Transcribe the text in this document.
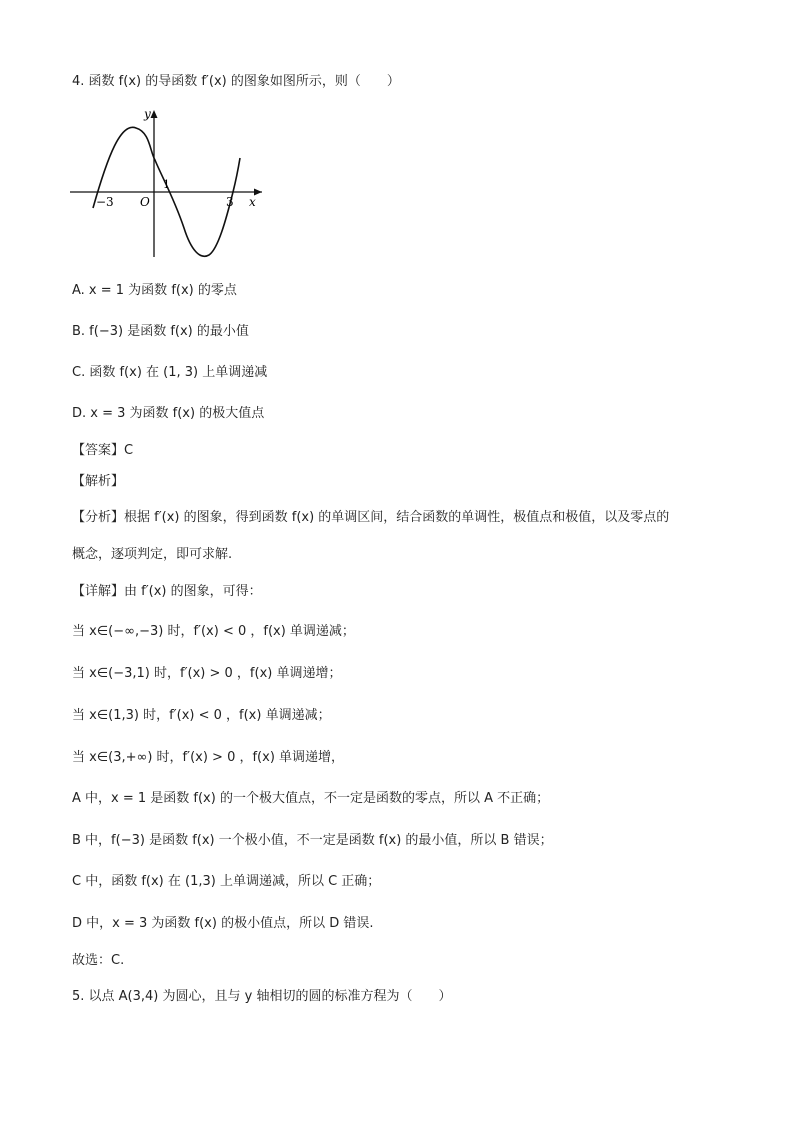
4. 函数 f(x) 的导函数 f′(x) 的图象如图所示，则（　　）
y
x
O
−3
1
3
A. x = 1 为函数 f(x) 的零点
B. f(−3) 是函数 f(x) 的最小值
C. 函数 f(x) 在 (1, 3) 上单调递减
D. x = 3 为函数 f(x) 的极大值点
【答案】C
【解析】
【分析】根据 f′(x) 的图象，得到函数 f(x) 的单调区间，结合函数的单调性，极值点和极值，以及零点的
概念，逐项判定，即可求解.
【详解】由 f′(x) 的图象，可得：
当 x∈(−∞,−3) 时，f′(x) < 0 ，f(x) 单调递减；
当 x∈(−3,1) 时，f′(x) > 0 ，f(x) 单调递增；
当 x∈(1,3) 时，f′(x) < 0 ，f(x) 单调递减；
当 x∈(3,+∞) 时，f′(x) > 0 ，f(x) 单调递增，
A 中，x = 1 是函数 f(x) 的一个极大值点，不一定是函数的零点，所以 A 不正确；
B 中，f(−3) 是函数 f(x) 一个极小值，不一定是函数 f(x) 的最小值，所以 B 错误；
C 中，函数 f(x) 在 (1,3) 上单调递减，所以 C 正确；
D 中，x = 3 为函数 f(x) 的极小值点，所以 D 错误.
故选：C.
5. 以点 A(3,4) 为圆心，且与 y 轴相切的圆的标准方程为（　　）
